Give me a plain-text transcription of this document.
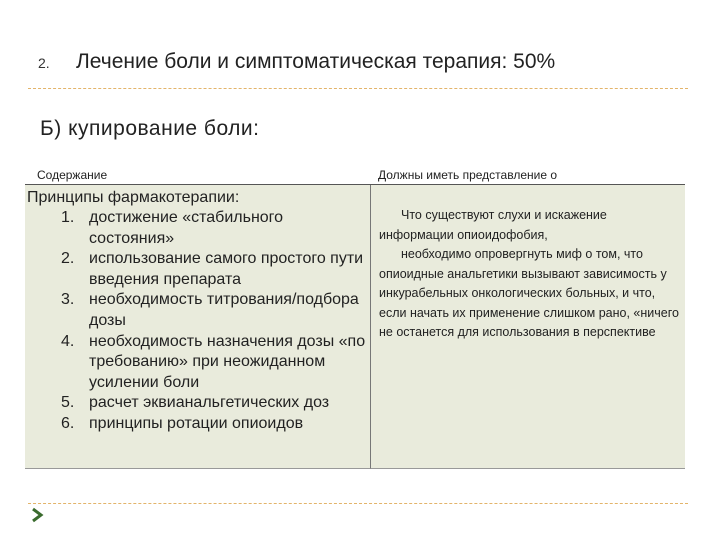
2.	Лечение боли и симптоматическая терапия: 50%
Б) купирование боли:
Содержание	Должны иметь представление о
Принципы фармакотерапии:
1. достижение «стабильного состояния»
2. использование самого простого пути введения препарата
3. необходимость титрования/подбора дозы
4. необходимость назначения дозы «по требованию» при неожиданном усилении боли
5. расчет эквианальгетических доз
6. принципы ротации опиоидов

Что существуют слухи и искажение информации опиоидофобия,

необходимо опровергнуть миф о том, что опиоидные анальгетики вызывают зависимость у инкурабельных онкологических больных, и что, если начать их применение слишком рано, «ничего не останется для использования в перспективе
